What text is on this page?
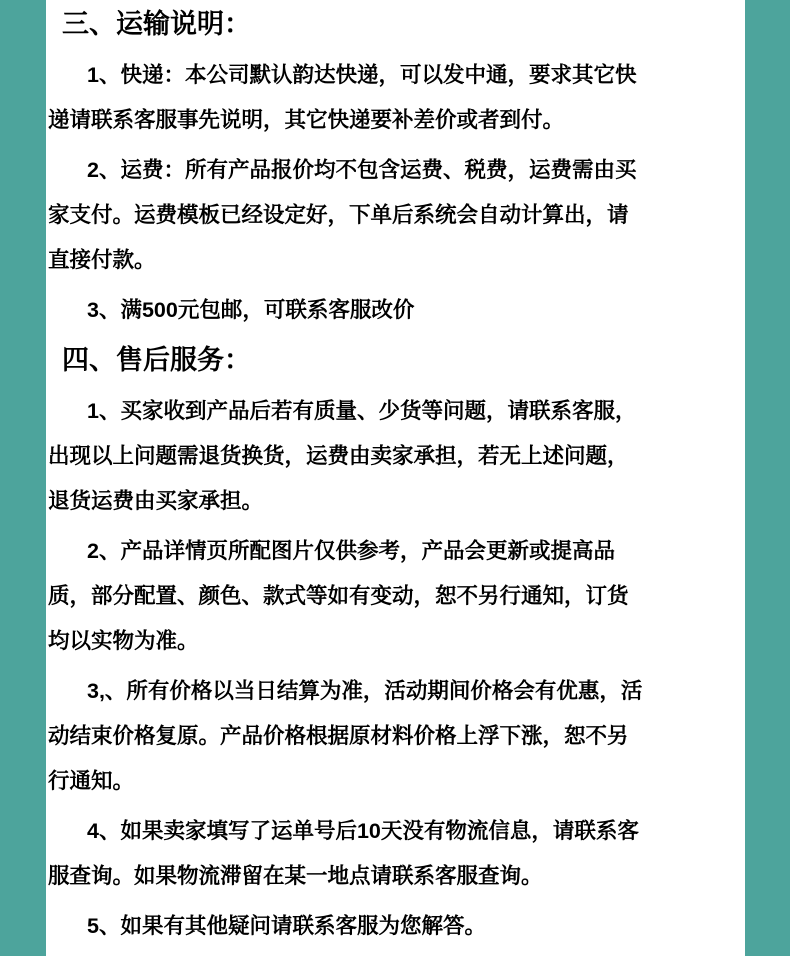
三、运输说明：

1、快递：本公司默认韵达快递，可以发中通，要求其它快递请联系客服事先说明，其它快递要补差价或者到付。

2、运费：所有产品报价均不包含运费、税费，运费需由买家支付。运费模板已经设定好，下单后系统会自动计算出，请直接付款。

3、满500元包邮，可联系客服改价

四、售后服务：

1、买家收到产品后若有质量、少货等问题，请联系客服，出现以上问题需退货换货，运费由卖家承担，若无上述问题，退货运费由买家承担。

2、产品详情页所配图片仅供参考，产品会更新或提高品质，部分配置、颜色、款式等如有变动，恕不另行通知，订货均以实物为准。

3,、所有价格以当日结算为准，活动期间价格会有优惠，活动结束价格复原。产品价格根据原材料价格上浮下涨，恕不另行通知。

4、如果卖家填写了运单号后10天没有物流信息，请联系客服查询。如果物流滞留在某一地点请联系客服查询。

5、如果有其他疑问请联系客服为您解答。
